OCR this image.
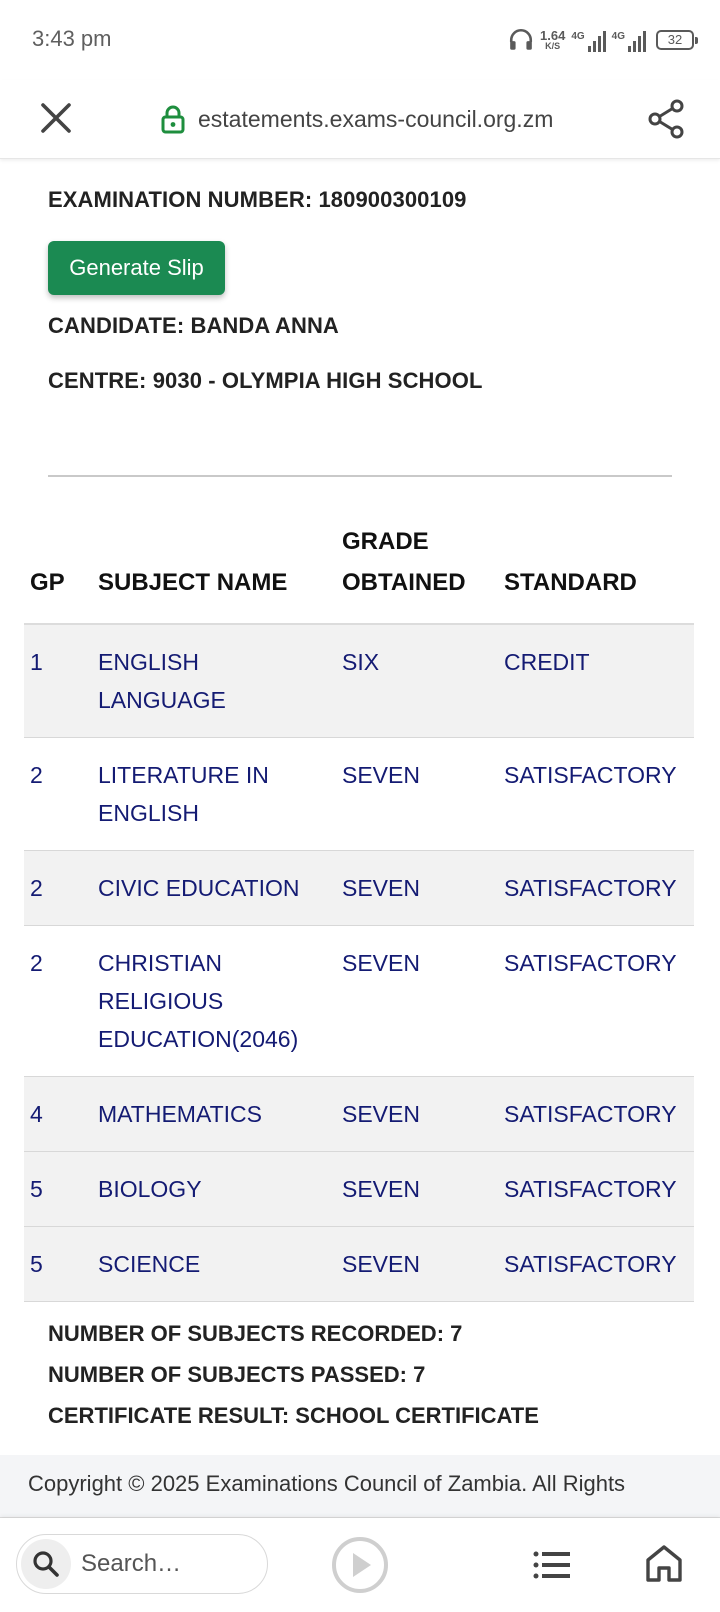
3:43 pm	1.64
K/S
4G	4G	32
estatements.exams-council.org.zm
EXAMINATION NUMBER: 180900300109
Generate Slip
CANDIDATE: BANDA ANNA
CENTRE: 9030 - OLYMPIA HIGH SCHOOL
GP	SUBJECT NAME	GRADE OBTAINED	STANDARD
1	ENGLISH LANGUAGE	SIX	CREDIT
2	LITERATURE IN ENGLISH	SEVEN	SATISFACTORY
2	CIVIC EDUCATION	SEVEN	SATISFACTORY
2	CHRISTIAN RELIGIOUS EDUCATION(2046)	SEVEN	SATISFACTORY
4	MATHEMATICS	SEVEN	SATISFACTORY
5	BIOLOGY	SEVEN	SATISFACTORY
5	SCIENCE	SEVEN	SATISFACTORY
NUMBER OF SUBJECTS RECORDED: 7
NUMBER OF SUBJECTS PASSED: 7
CERTIFICATE RESULT: SCHOOL CERTIFICATE
Copyright © 2025 Examinations Council of Zambia. All Rights
Search…
